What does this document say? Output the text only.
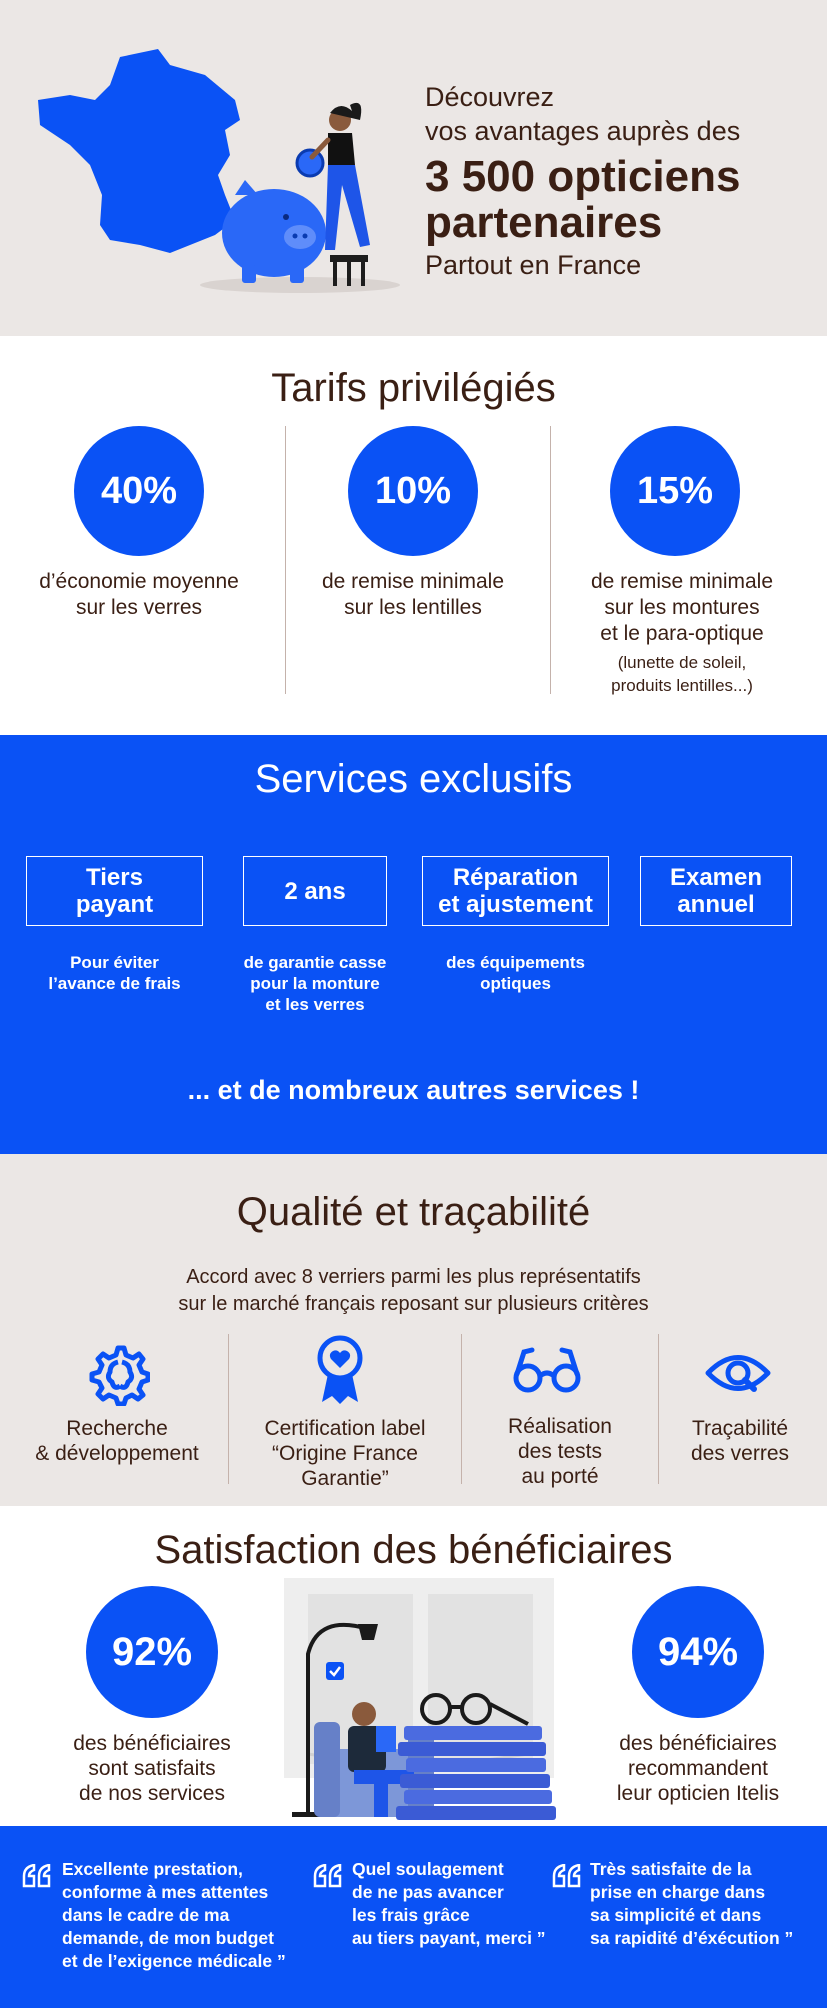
Découvrez
vos avantages auprès des
3 500 opticiens
partenaires
Partout en France
Tarifs privilégiés
40%
d’économie moyenne
sur les verres
10%
de remise minimale
sur les lentilles
15%
de remise minimale
sur les montures
et le para-optique
(lunette de soleil,
produits lentilles...)
Services exclusifs
Tiers
payant
Pour éviter
l’avance de frais
2 ans
de garantie casse
pour la monture
et les verres
Réparation
et ajustement
des équipements
optiques
Examen
annuel
... et de nombreux autres services !
Qualité et traçabilité
Accord avec 8 verriers parmi les plus représentatifs
sur le marché français reposant sur plusieurs critères
Recherche
& développement
Certification label
“Origine France
Garantie”
Réalisation
des tests
au porté
Traçabilité
des verres
Satisfaction des bénéficiaires
92%
des bénéficiaires
sont satisfaits
de nos services
94%
des bénéficiaires
recommandent
leur opticien Itelis
Excellente prestation,
conforme à mes attentes
dans le cadre de ma
demande, de mon budget
et de l’exigence médicale ”
Quel soulagement
de ne pas avancer
les frais grâce
au tiers payant, merci ”
Très satisfaite de la
prise en charge dans
sa simplicité et dans
sa rapidité d’éxécution ”
